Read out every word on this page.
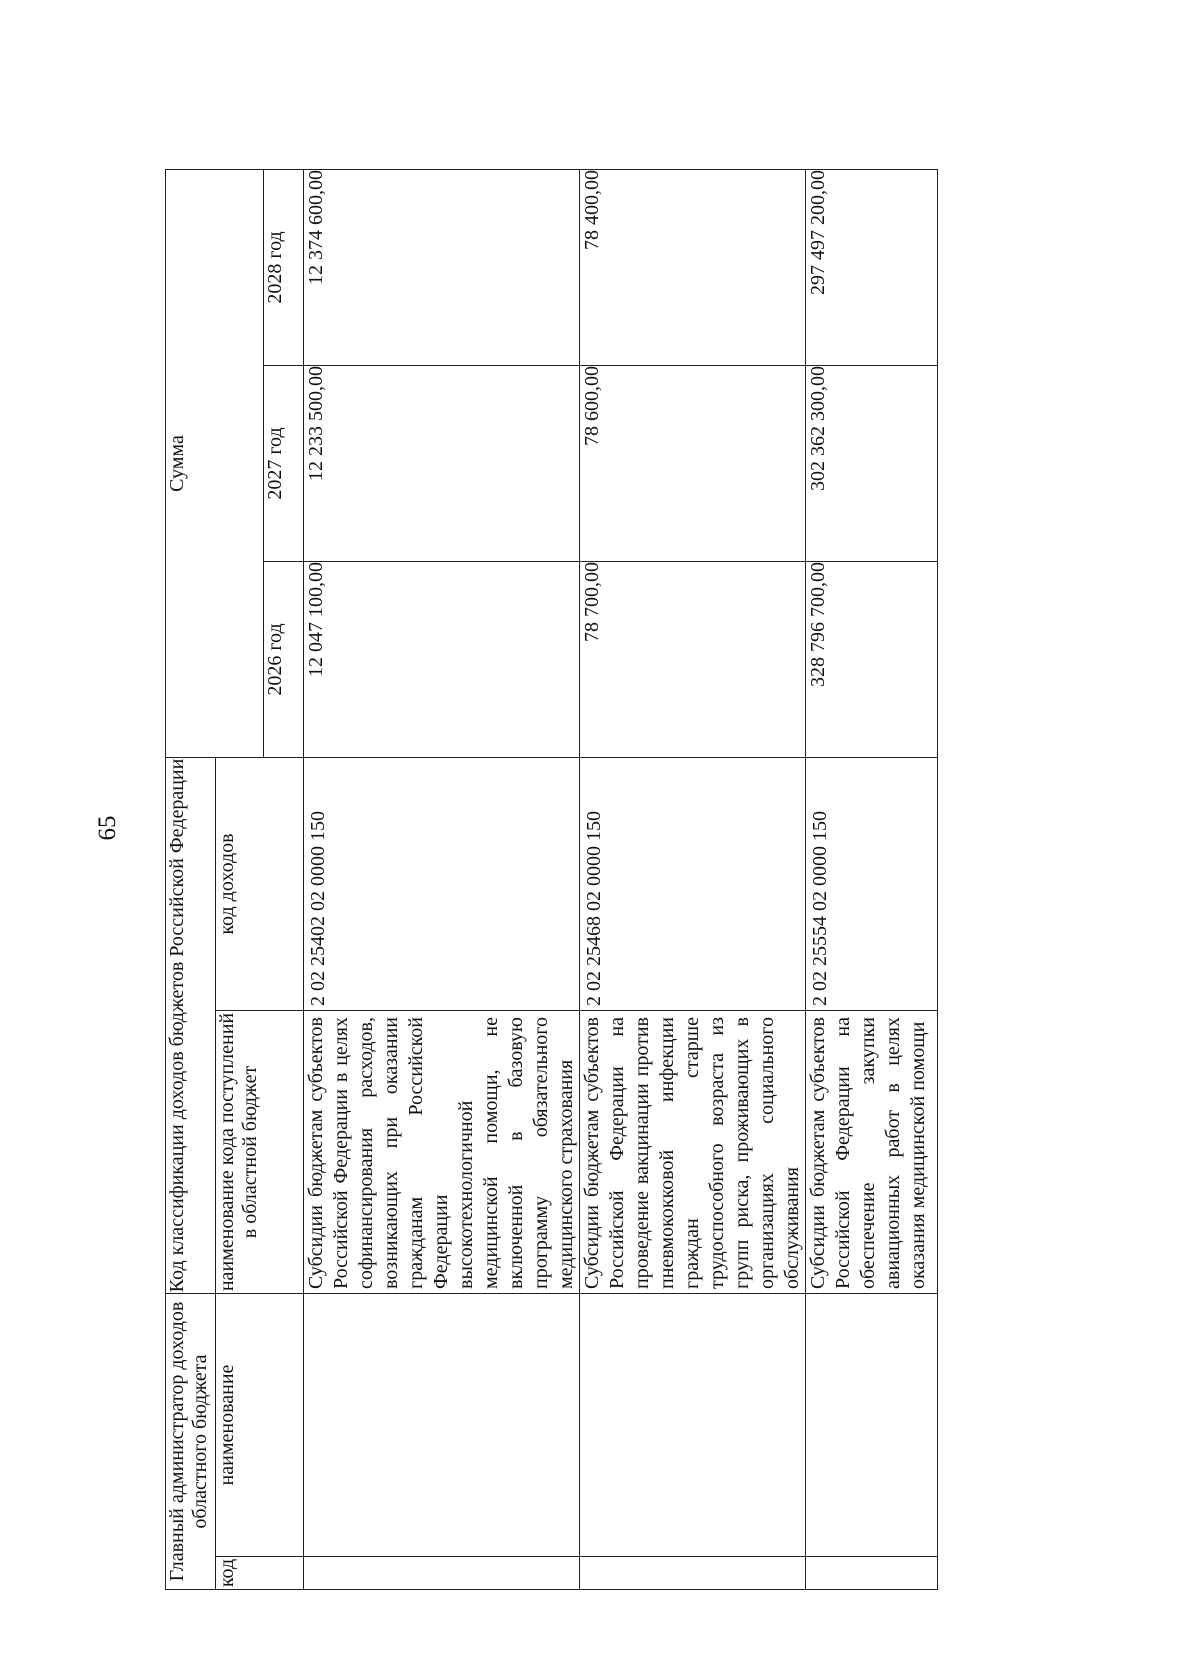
65
Главный администратор доходов областного бюджета		Код классификации доходов бюджетов Российской Федерации		Сумма		
код	наименование	наименование кода поступлений в областной бюджет	код доходов			
				2026 год	2027 год	2028 год

		Субсидии бюджетам субъектов Российской Федерации в целях софинансирования расходов, возникающих при оказании гражданам Российской Федерации высокотехнологичной медицинской помощи, не включенной в базовую программу обязательного медицинского страхования	2 02 25402 02 0000 150	12 047 100,00	12 233 500,00	12 374 600,00

		Субсидии бюджетам субъектов Российской Федерации на проведение вакцинации против пневмококковой инфекции граждан старше трудоспособного возраста из групп риска, проживающих в организациях социального обслуживания	2 02 25468 02 0000 150	78 700,00	78 600,00	78 400,00

		Субсидии бюджетам субъектов Российской Федерации на обеспечение закупки авиационных работ в целях оказания медицинской помощи	2 02 25554 02 0000 150	328 796 700,00	302 362 300,00	297 497 200,00
